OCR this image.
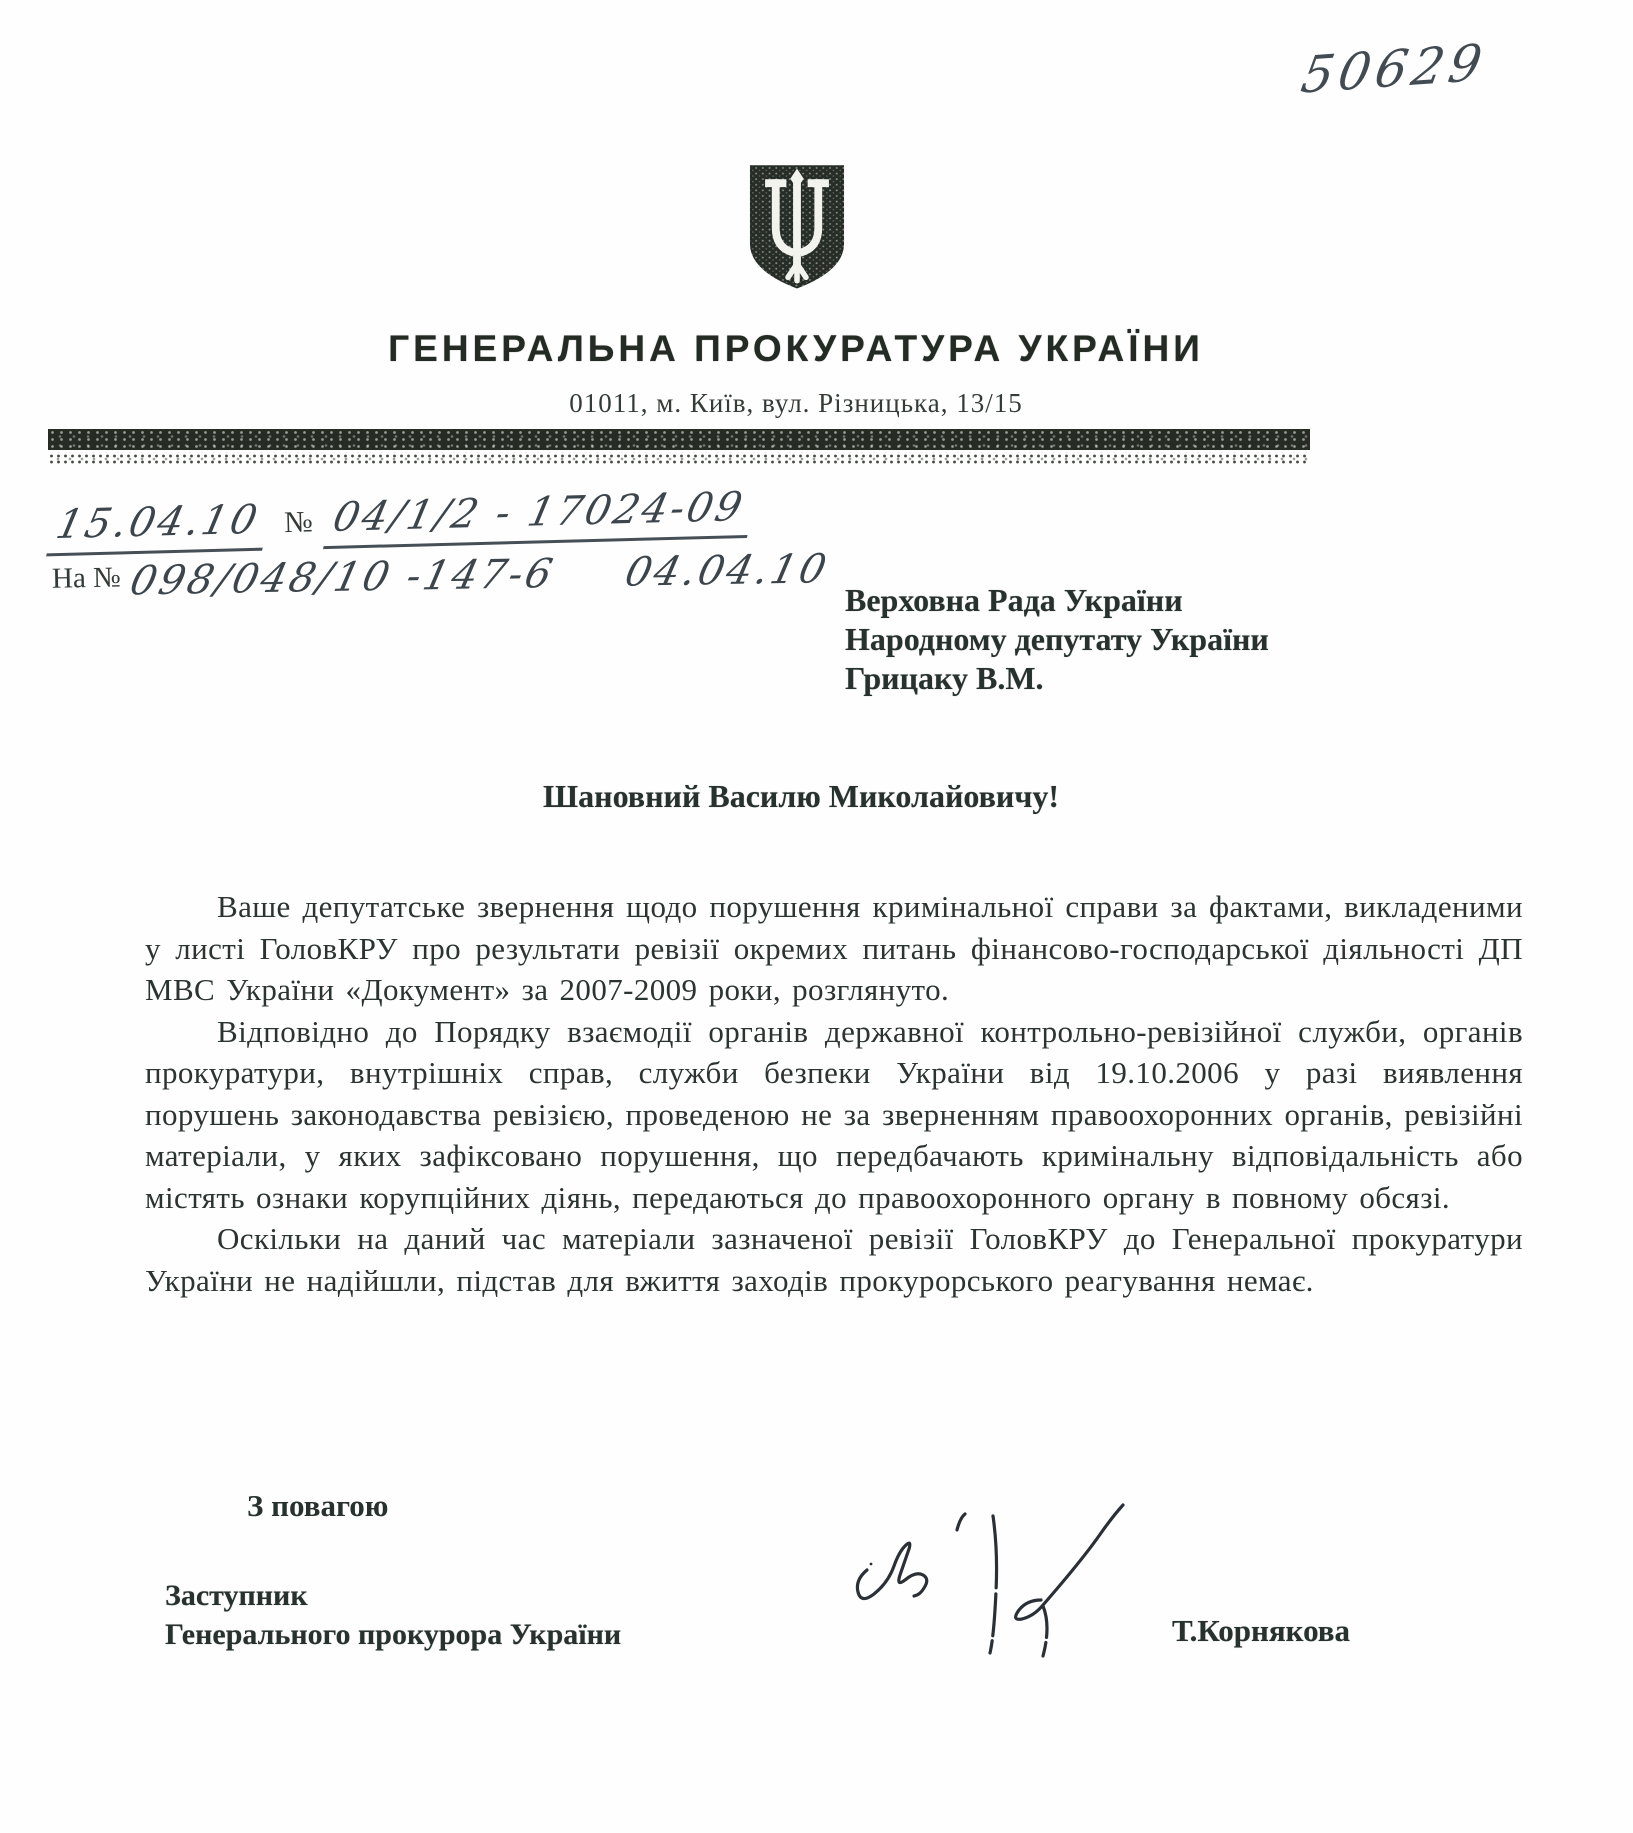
50629
ГЕНЕРАЛЬНА ПРОКУРАТУРА УКРАЇНИ
01011, м. Київ, вул. Різницька, 13/15
15.04.10 № 04/1/2 - 17024-09
На № 098/048/10 -147-6 04.04.10
Верховна Рада України
Народному депутату України
Грицаку В.М.
Шановний Василю Миколайовичу!

Ваше депутатське звернення щодо порушення кримінальної справи за фактами, викладеними у листі ГоловКРУ про результати ревізії окремих питань фінансово-господарської діяльності ДП МВС України «Документ» за 2007-2009 роки, розглянуто.

Відповідно до Порядку взаємодії органів державної контрольно-ревізійної служби, органів прокуратури, внутрішніх справ, служби безпеки України від 19.10.2006 у разі виявлення порушень законодавства ревізією, проведеною не за зверненням правоохоронних органів, ревізійні матеріали, у яких зафіксовано порушення, що передбачають кримінальну відповідальність або містять ознаки корупційних діянь, передаються до правоохоронного органу в повному обсязі.

Оскільки на даний час матеріали зазначеної ревізії ГоловКРУ до Генеральної прокуратури України не надійшли, підстав для вжиття заходів прокурорського реагування немає.

З повагою
Заступник
Генерального прокурора України	Т.Корнякова
